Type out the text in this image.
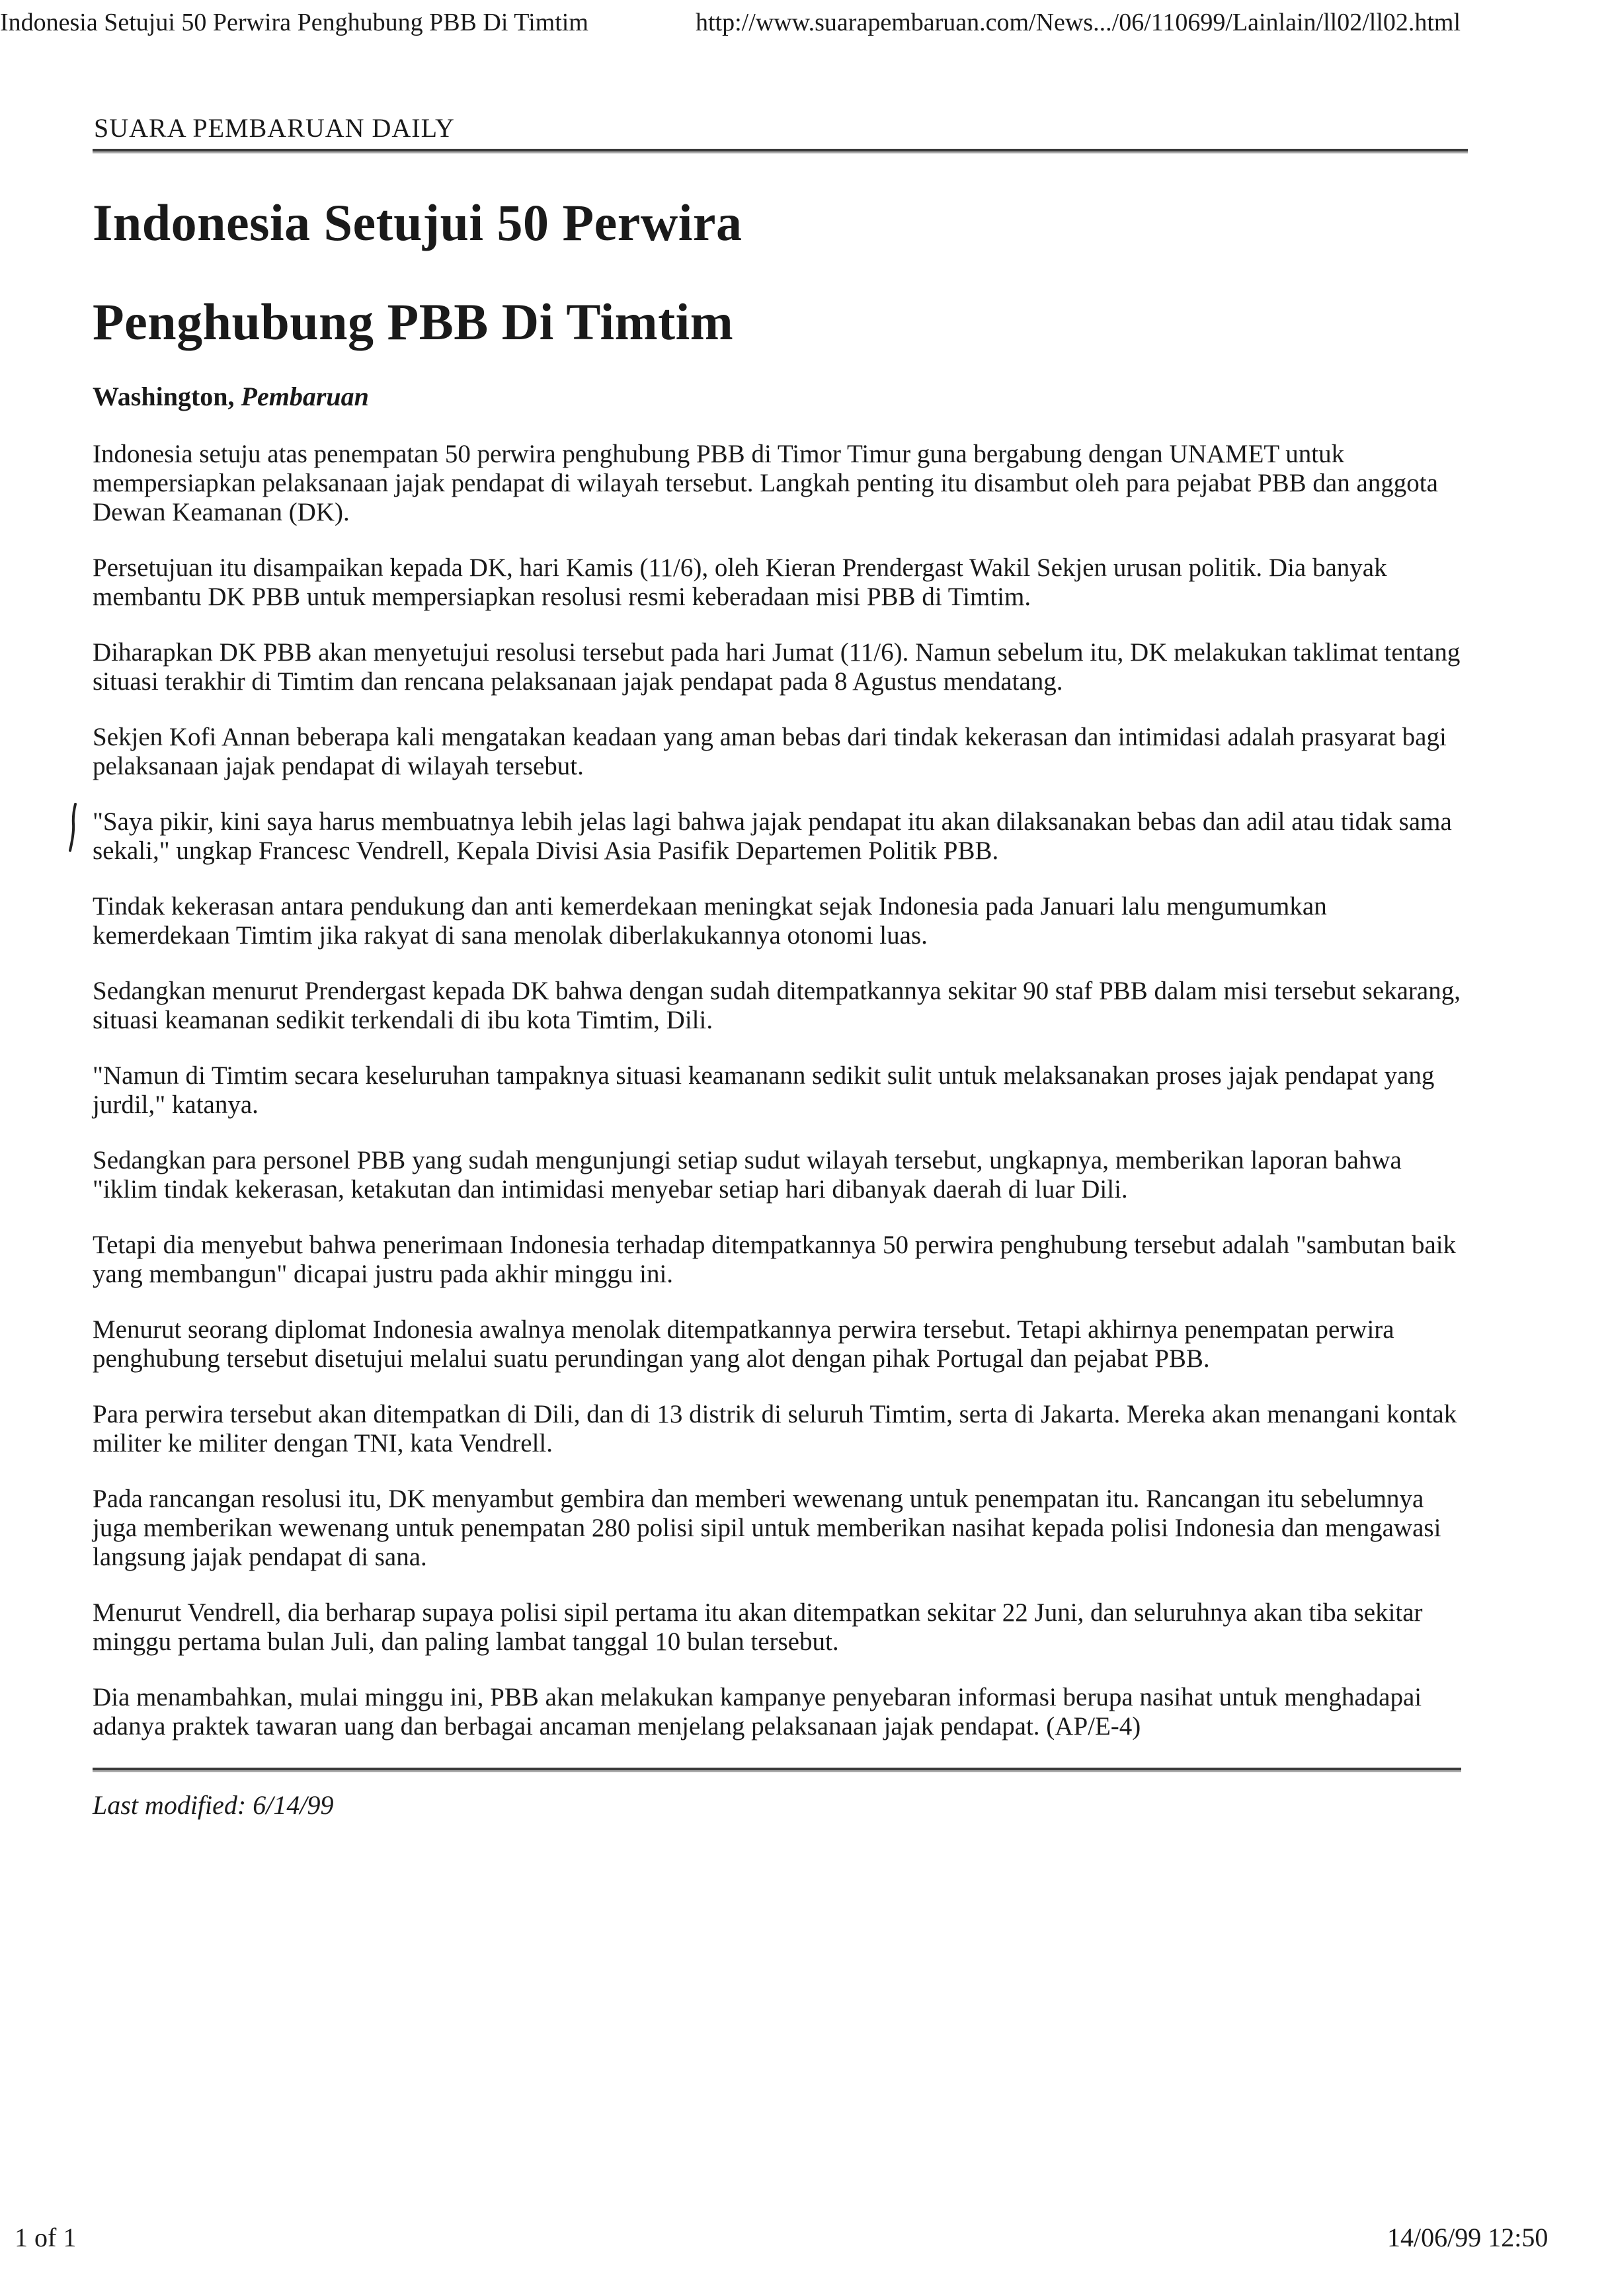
Indonesia Setujui 50 Perwira Penghubung PBB Di Timtim	http://www.suarapembaruan.com/News.../06/110699/Lainlain/ll02/ll02.html
SUARA PEMBARUAN DAILY
Indonesia Setujui 50 Perwira
Penghubung PBB Di Timtim
Washington, Pembaruan

Indonesia setuju atas penempatan 50 perwira penghubung PBB di Timor Timur guna bergabung dengan UNAMET untuk mempersiapkan pelaksanaan jajak pendapat di wilayah tersebut. Langkah penting itu disambut oleh para pejabat PBB dan anggota Dewan Keamanan (DK).

Persetujuan itu disampaikan kepada DK, hari Kamis (11/6), oleh Kieran Prendergast Wakil Sekjen urusan politik. Dia banyak membantu DK PBB untuk mempersiapkan resolusi resmi keberadaan misi PBB di Timtim.

Diharapkan DK PBB akan menyetujui resolusi tersebut pada hari Jumat (11/6). Namun sebelum itu, DK melakukan taklimat tentang situasi terakhir di Timtim dan rencana pelaksanaan jajak pendapat pada 8 Agustus mendatang.

Sekjen Kofi Annan beberapa kali mengatakan keadaan yang aman bebas dari tindak kekerasan dan intimidasi adalah prasyarat bagi pelaksanaan jajak pendapat di wilayah tersebut.

"Saya pikir, kini saya harus membuatnya lebih jelas lagi bahwa jajak pendapat itu akan dilaksanakan bebas dan adil atau tidak sama sekali," ungkap Francesc Vendrell, Kepala Divisi Asia Pasifik Departemen Politik PBB.

Tindak kekerasan antara pendukung dan anti kemerdekaan meningkat sejak Indonesia pada Januari lalu mengumumkan kemerdekaan Timtim jika rakyat di sana menolak diberlakukannya otonomi luas.

Sedangkan menurut Prendergast kepada DK bahwa dengan sudah ditempatkannya sekitar 90 staf PBB dalam misi tersebut sekarang, situasi keamanan sedikit terkendali di ibu kota Timtim, Dili.

"Namun di Timtim secara keseluruhan tampaknya situasi keamanann sedikit sulit untuk melaksanakan proses jajak pendapat yang jurdil," katanya.

Sedangkan para personel PBB yang sudah mengunjungi setiap sudut wilayah tersebut, ungkapnya, memberikan laporan bahwa "iklim tindak kekerasan, ketakutan dan intimidasi menyebar setiap hari dibanyak daerah di luar Dili.

Tetapi dia menyebut bahwa penerimaan Indonesia terhadap ditempatkannya 50 perwira penghubung tersebut adalah "sambutan baik yang membangun" dicapai justru pada akhir minggu ini.

Menurut seorang diplomat Indonesia awalnya menolak ditempatkannya perwira tersebut. Tetapi akhirnya penempatan perwira penghubung tersebut disetujui melalui suatu perundingan yang alot dengan pihak Portugal dan pejabat PBB.

Para perwira tersebut akan ditempatkan di Dili, dan di 13 distrik di seluruh Timtim, serta di Jakarta. Mereka akan menangani kontak militer ke militer dengan TNI, kata Vendrell.

Pada rancangan resolusi itu, DK menyambut gembira dan memberi wewenang untuk penempatan itu. Rancangan itu sebelumnya juga memberikan wewenang untuk penempatan 280 polisi sipil untuk memberikan nasihat kepada polisi Indonesia dan mengawasi langsung jajak pendapat di sana.

Menurut Vendrell, dia berharap supaya polisi sipil pertama itu akan ditempatkan sekitar 22 Juni, dan seluruhnya akan tiba sekitar minggu pertama bulan Juli, dan paling lambat tanggal 10 bulan tersebut.

Dia menambahkan, mulai minggu ini, PBB akan melakukan kampanye penyebaran informasi berupa nasihat untuk menghadapai adanya praktek tawaran uang dan berbagai ancaman menjelang pelaksanaan jajak pendapat. (AP/E-4)

Last modified: 6/14/99
1 of 1	14/06/99 12:50
